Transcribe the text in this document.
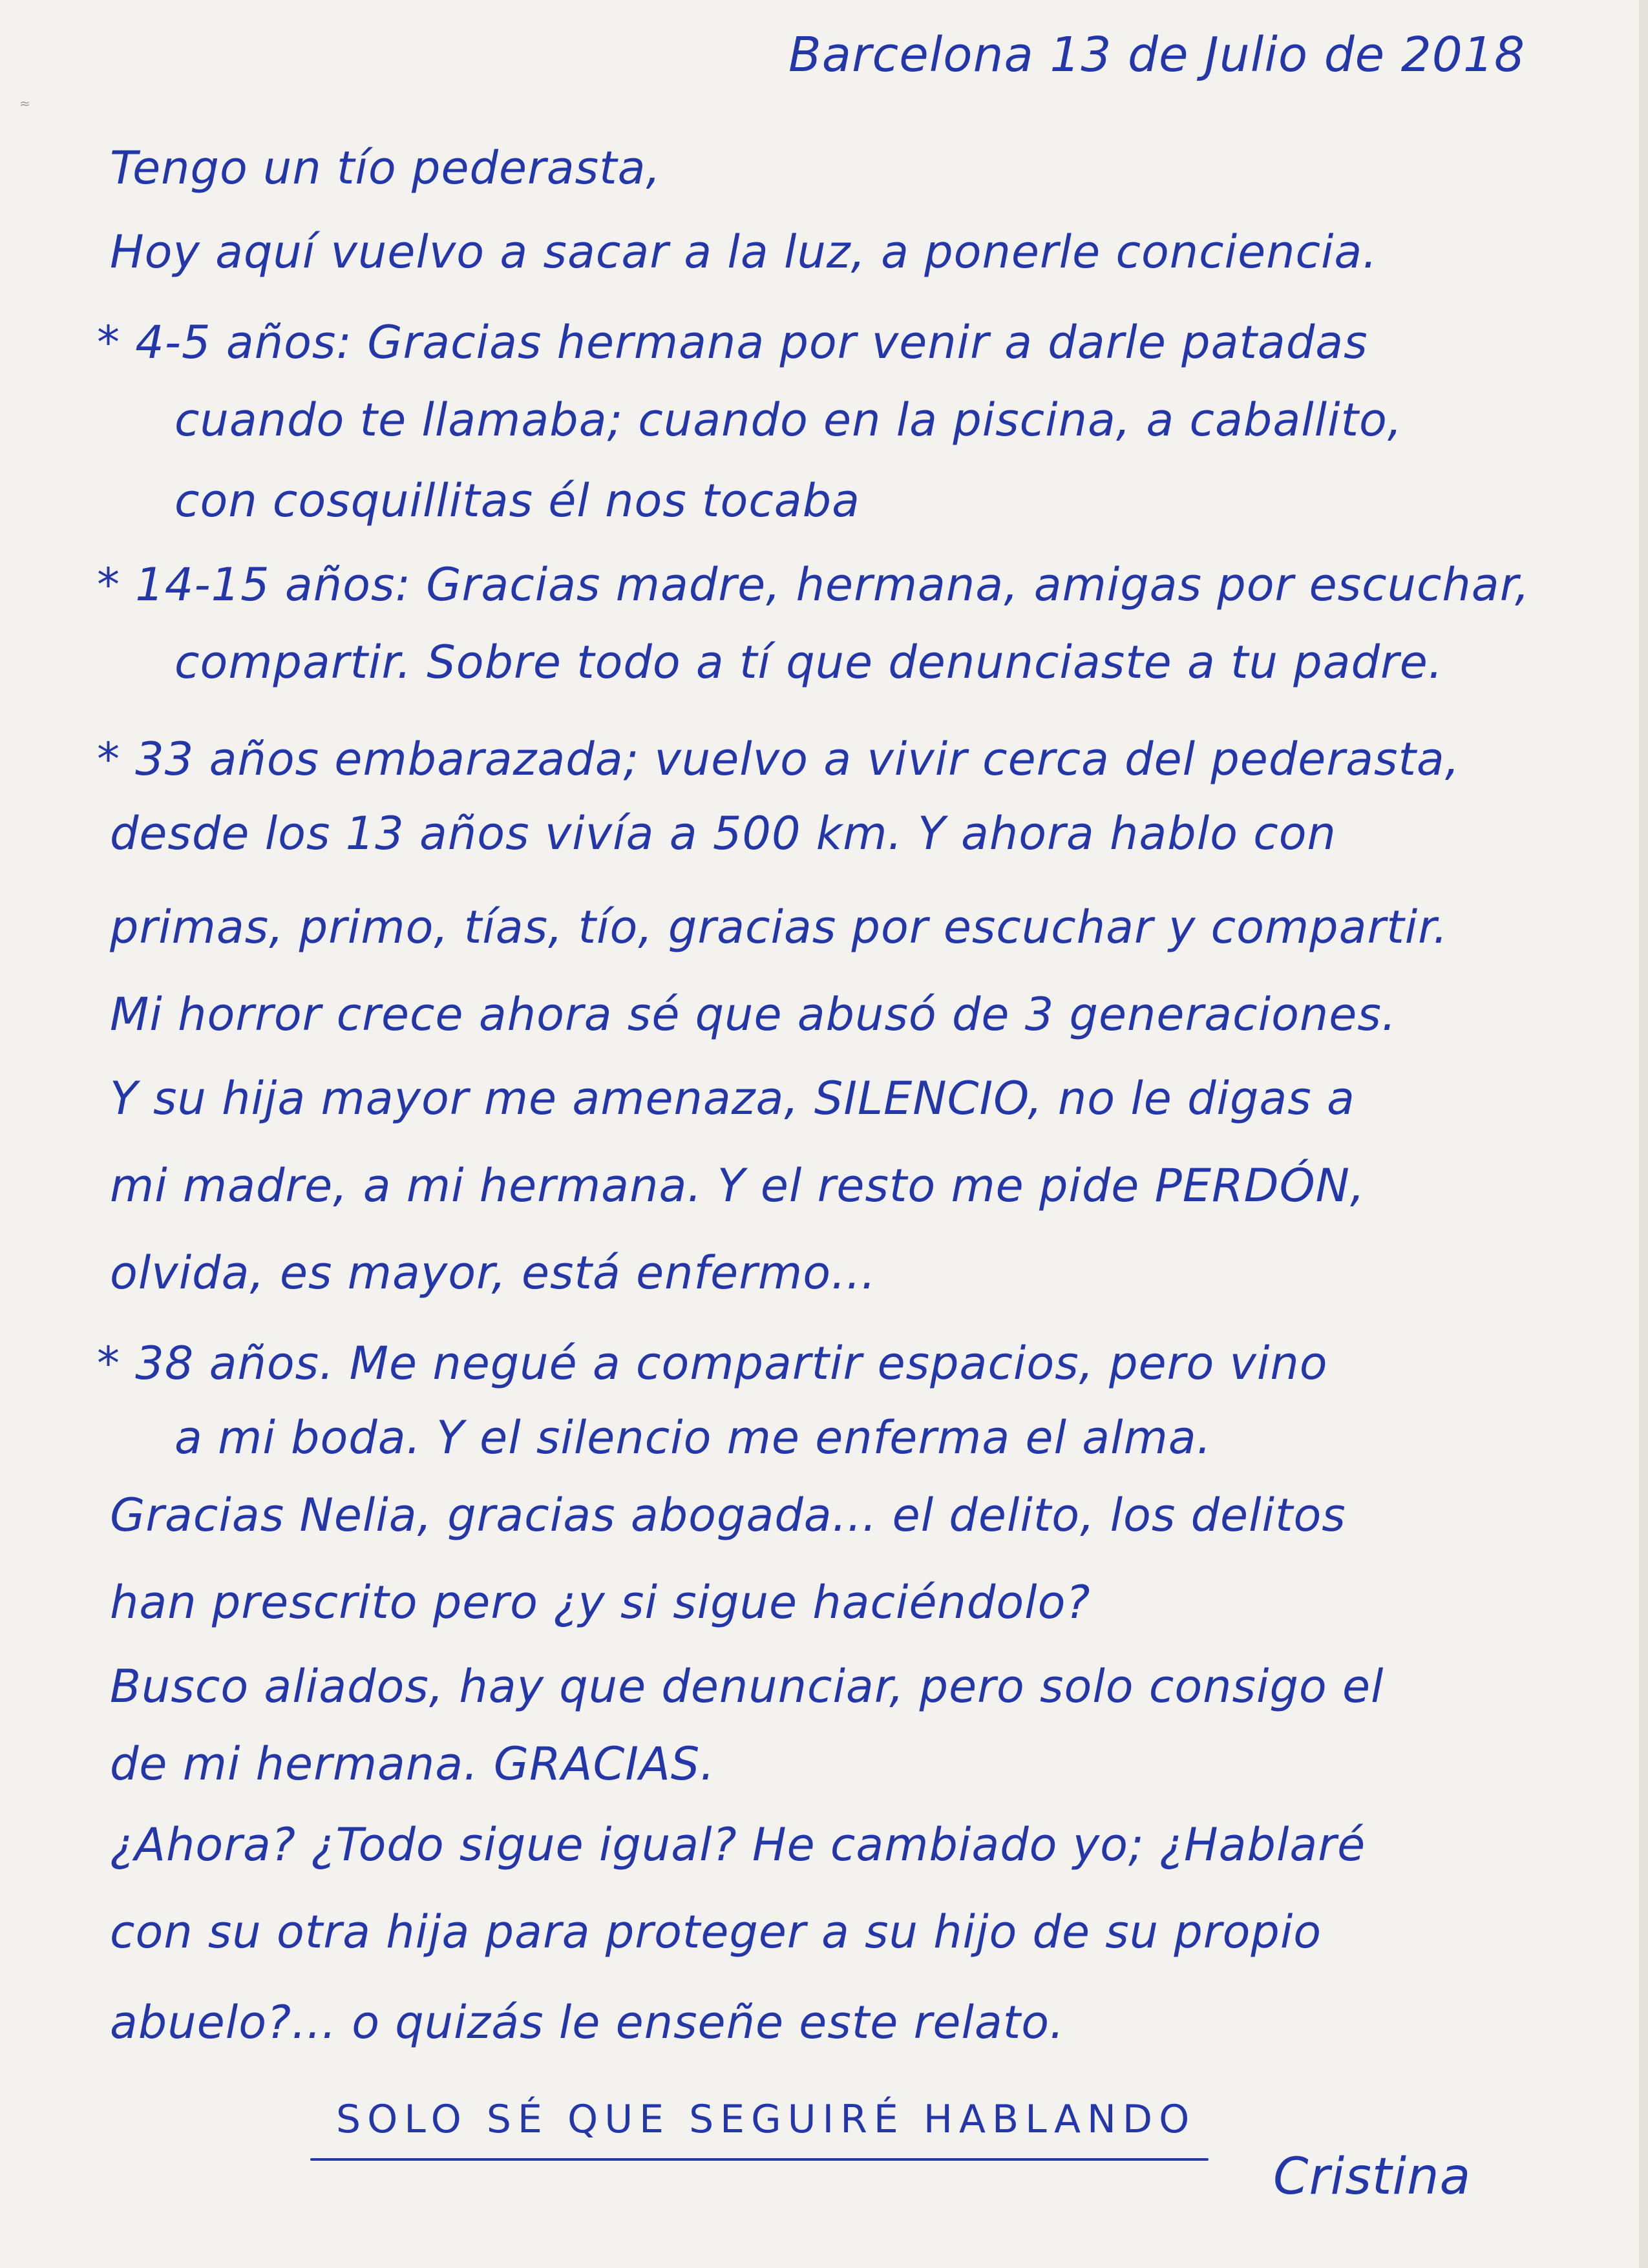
≈
Barcelona 13 de Julio de 2018
Tengo un tío pederasta,
Hoy aquí vuelvo a sacar a la luz, a ponerle conciencia.
* 4-5 años: Gracias hermana por venir a darle patadas
cuando te llamaba; cuando en la piscina, a caballito,
con cosquillitas él nos tocaba
* 14-15 años: Gracias madre, hermana, amigas por escuchar,
compartir. Sobre todo a tí que denunciaste a tu padre.
* 33 años embarazada; vuelvo a vivir cerca del pederasta,
desde los 13 años vivía a 500 km. Y ahora hablo con
primas, primo, tías, tío, gracias por escuchar y compartir.
Mi horror crece ahora sé que abusó de 3 generaciones.
Y su hija mayor me amenaza, SILENCIO, no le digas a
mi madre, a mi hermana. Y el resto me pide PERDÓN,
olvida, es mayor, está enfermo...
* 38 años. Me negué a compartir espacios, pero vino
a mi boda. Y el silencio me enferma el alma.
Gracias Nelia, gracias abogada... el delito, los delitos
han prescrito pero ¿y si sigue haciéndolo?
Busco aliados, hay que denunciar, pero solo consigo el
de mi hermana. GRACIAS.
¿Ahora? ¿Todo sigue igual? He cambiado yo; ¿Hablaré
con su otra hija para proteger a su hijo de su propio
abuelo?... o quizás le enseñe este relato.
SOLO SÉ QUE SEGUIRÉ HABLANDO
Cristina
